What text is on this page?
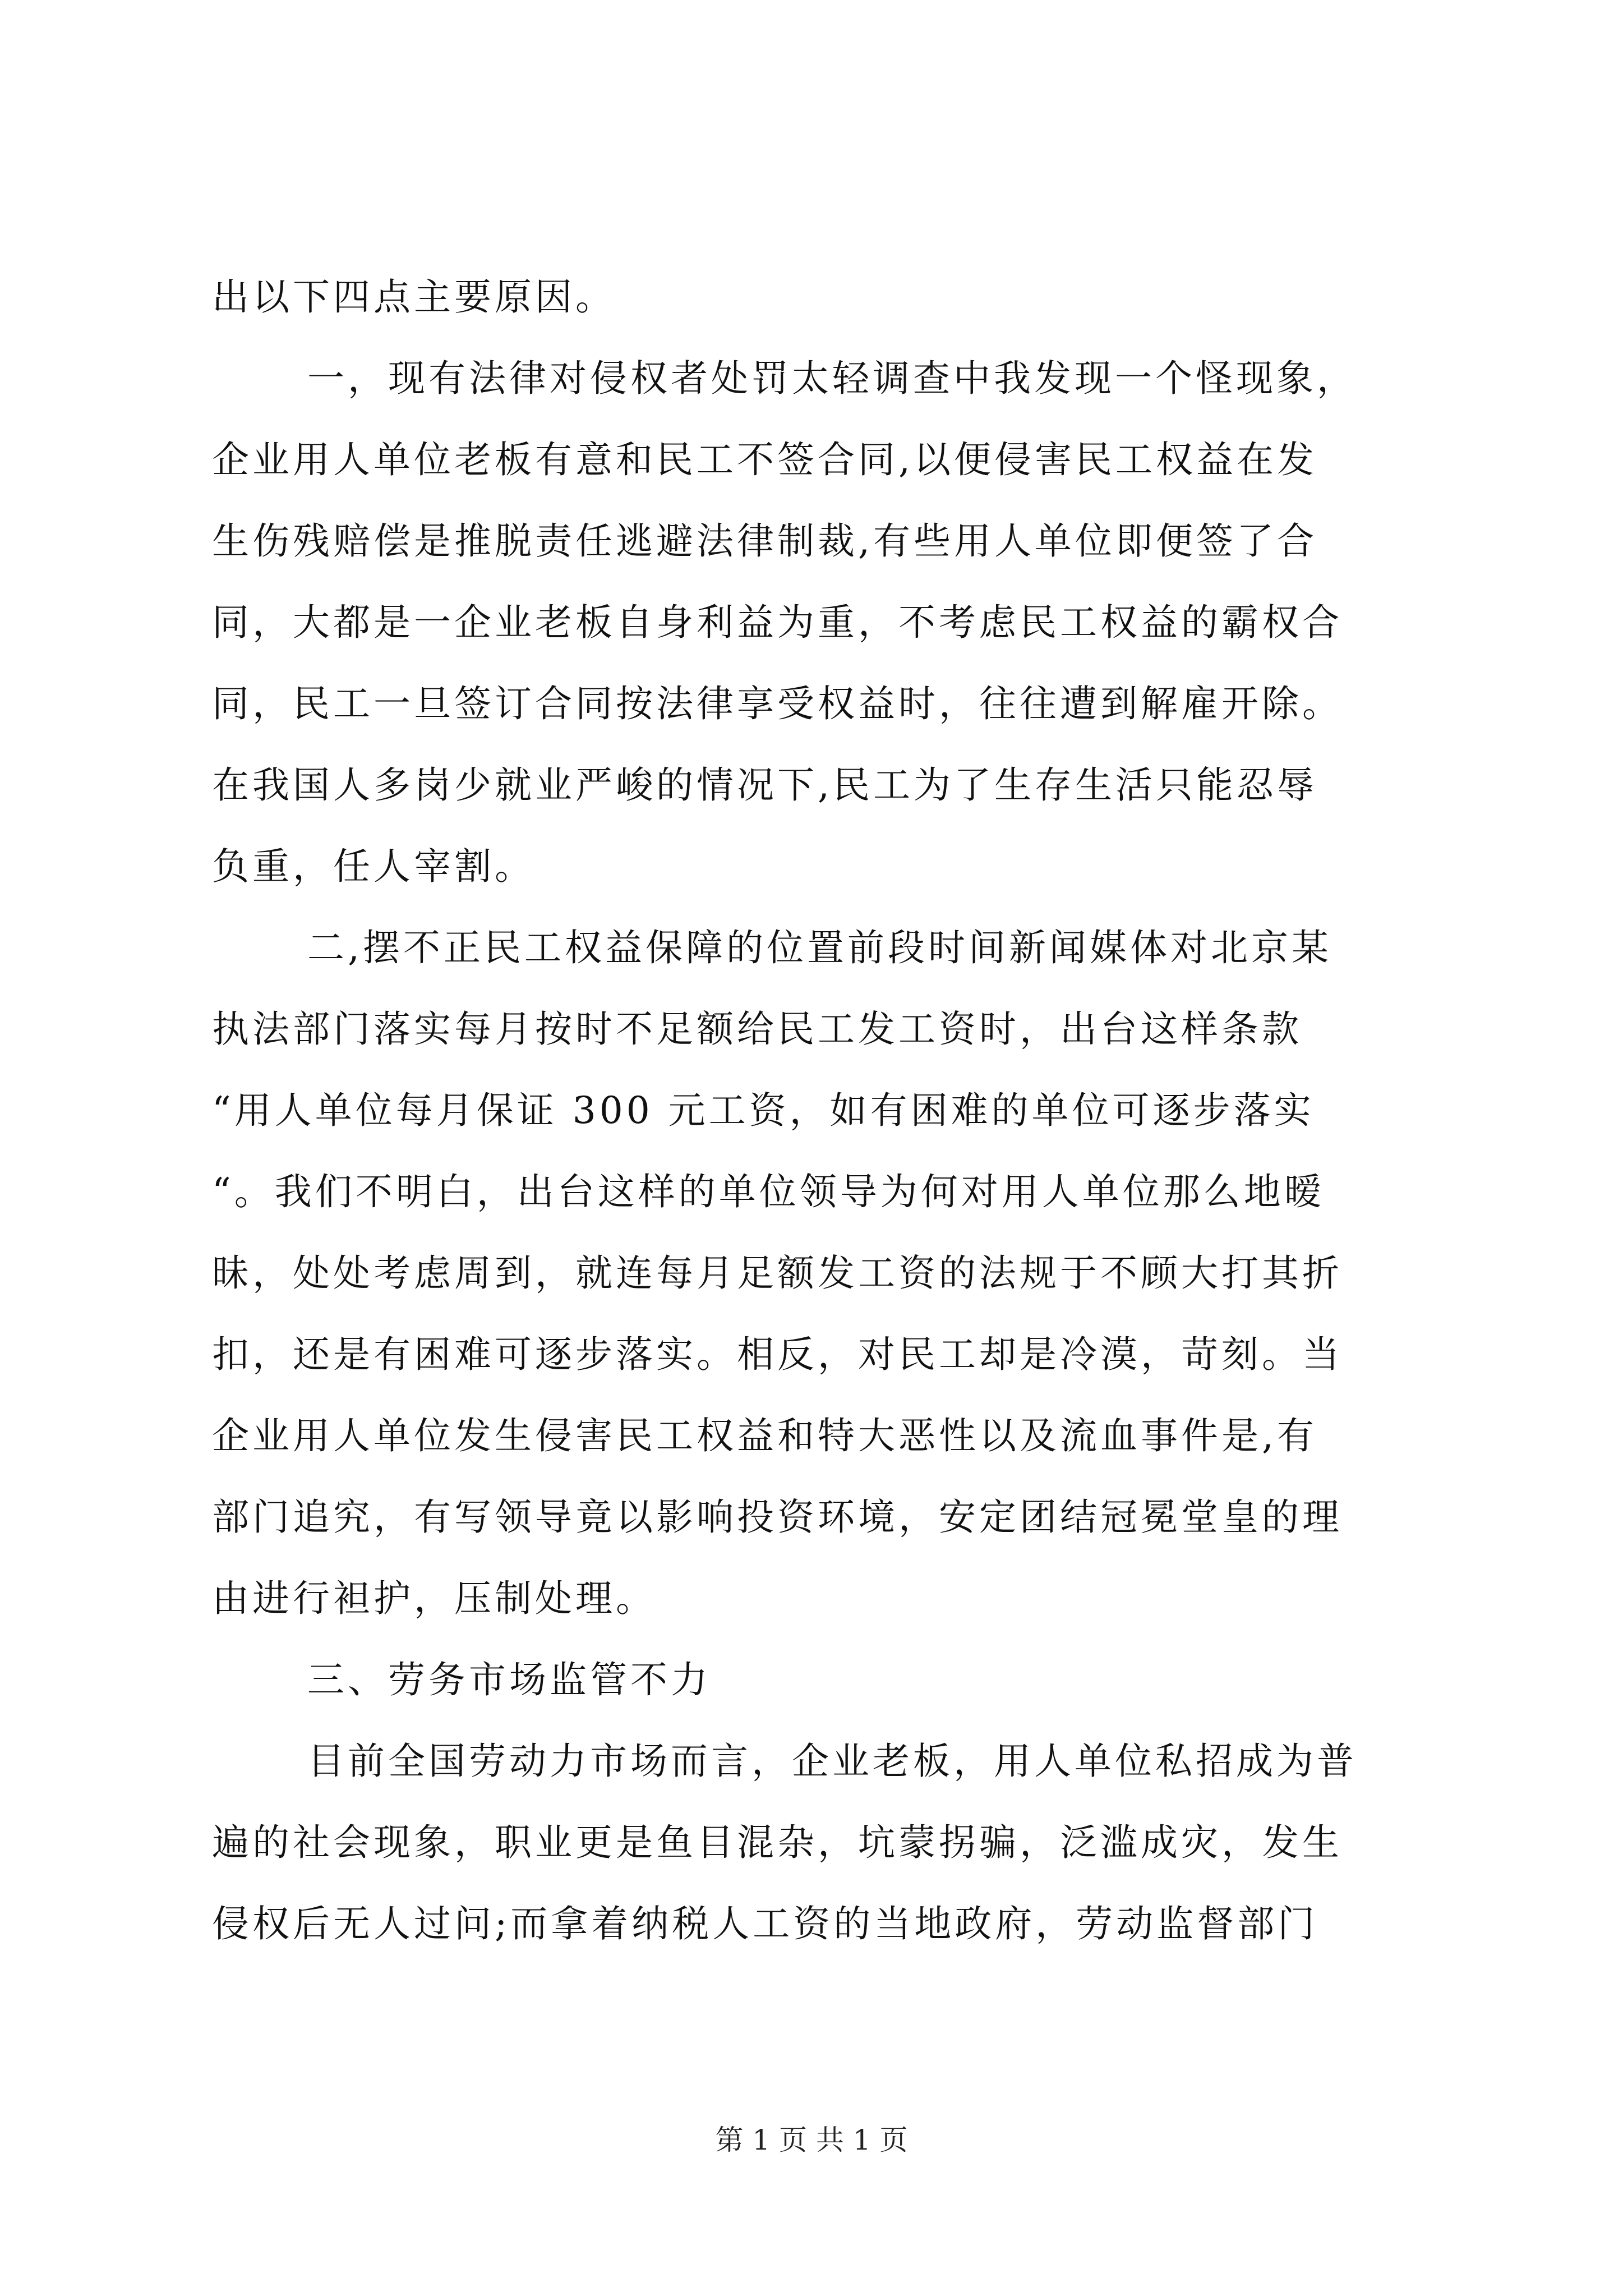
出以下四点主要原因。
一，现有法律对侵权者处罚太轻调查中我发现一个怪现象，
企业用人单位老板有意和民工不签合同,以便侵害民工权益在发
生伤残赔偿是推脱责任逃避法律制裁,有些用人单位即便签了合
同，大都是一企业老板自身利益为重，不考虑民工权益的霸权合
同，民工一旦签订合同按法律享受权益时，往往遭到解雇开除。
在我国人多岗少就业严峻的情况下,民工为了生存生活只能忍辱
负重，任人宰割。
二,摆不正民工权益保障的位置前段时间新闻媒体对北京某
执法部门落实每月按时不足额给民工发工资时，出台这样条款
“用人单位每月保证 300 元工资，如有困难的单位可逐步落实
“。我们不明白，出台这样的单位领导为何对用人单位那么地暧
昧，处处考虑周到，就连每月足额发工资的法规于不顾大打其折
扣，还是有困难可逐步落实。相反，对民工却是冷漠，苛刻。当
企业用人单位发生侵害民工权益和特大恶性以及流血事件是,有
部门追究，有写领导竟以影响投资环境，安定团结冠冕堂皇的理
由进行袒护，压制处理。
三、劳务市场监管不力
目前全国劳动力市场而言，企业老板，用人单位私招成为普
遍的社会现象，职业更是鱼目混杂，坑蒙拐骗，泛滥成灾，发生
侵权后无人过问;而拿着纳税人工资的当地政府，劳动监督部门
第 1 页 共 1 页
